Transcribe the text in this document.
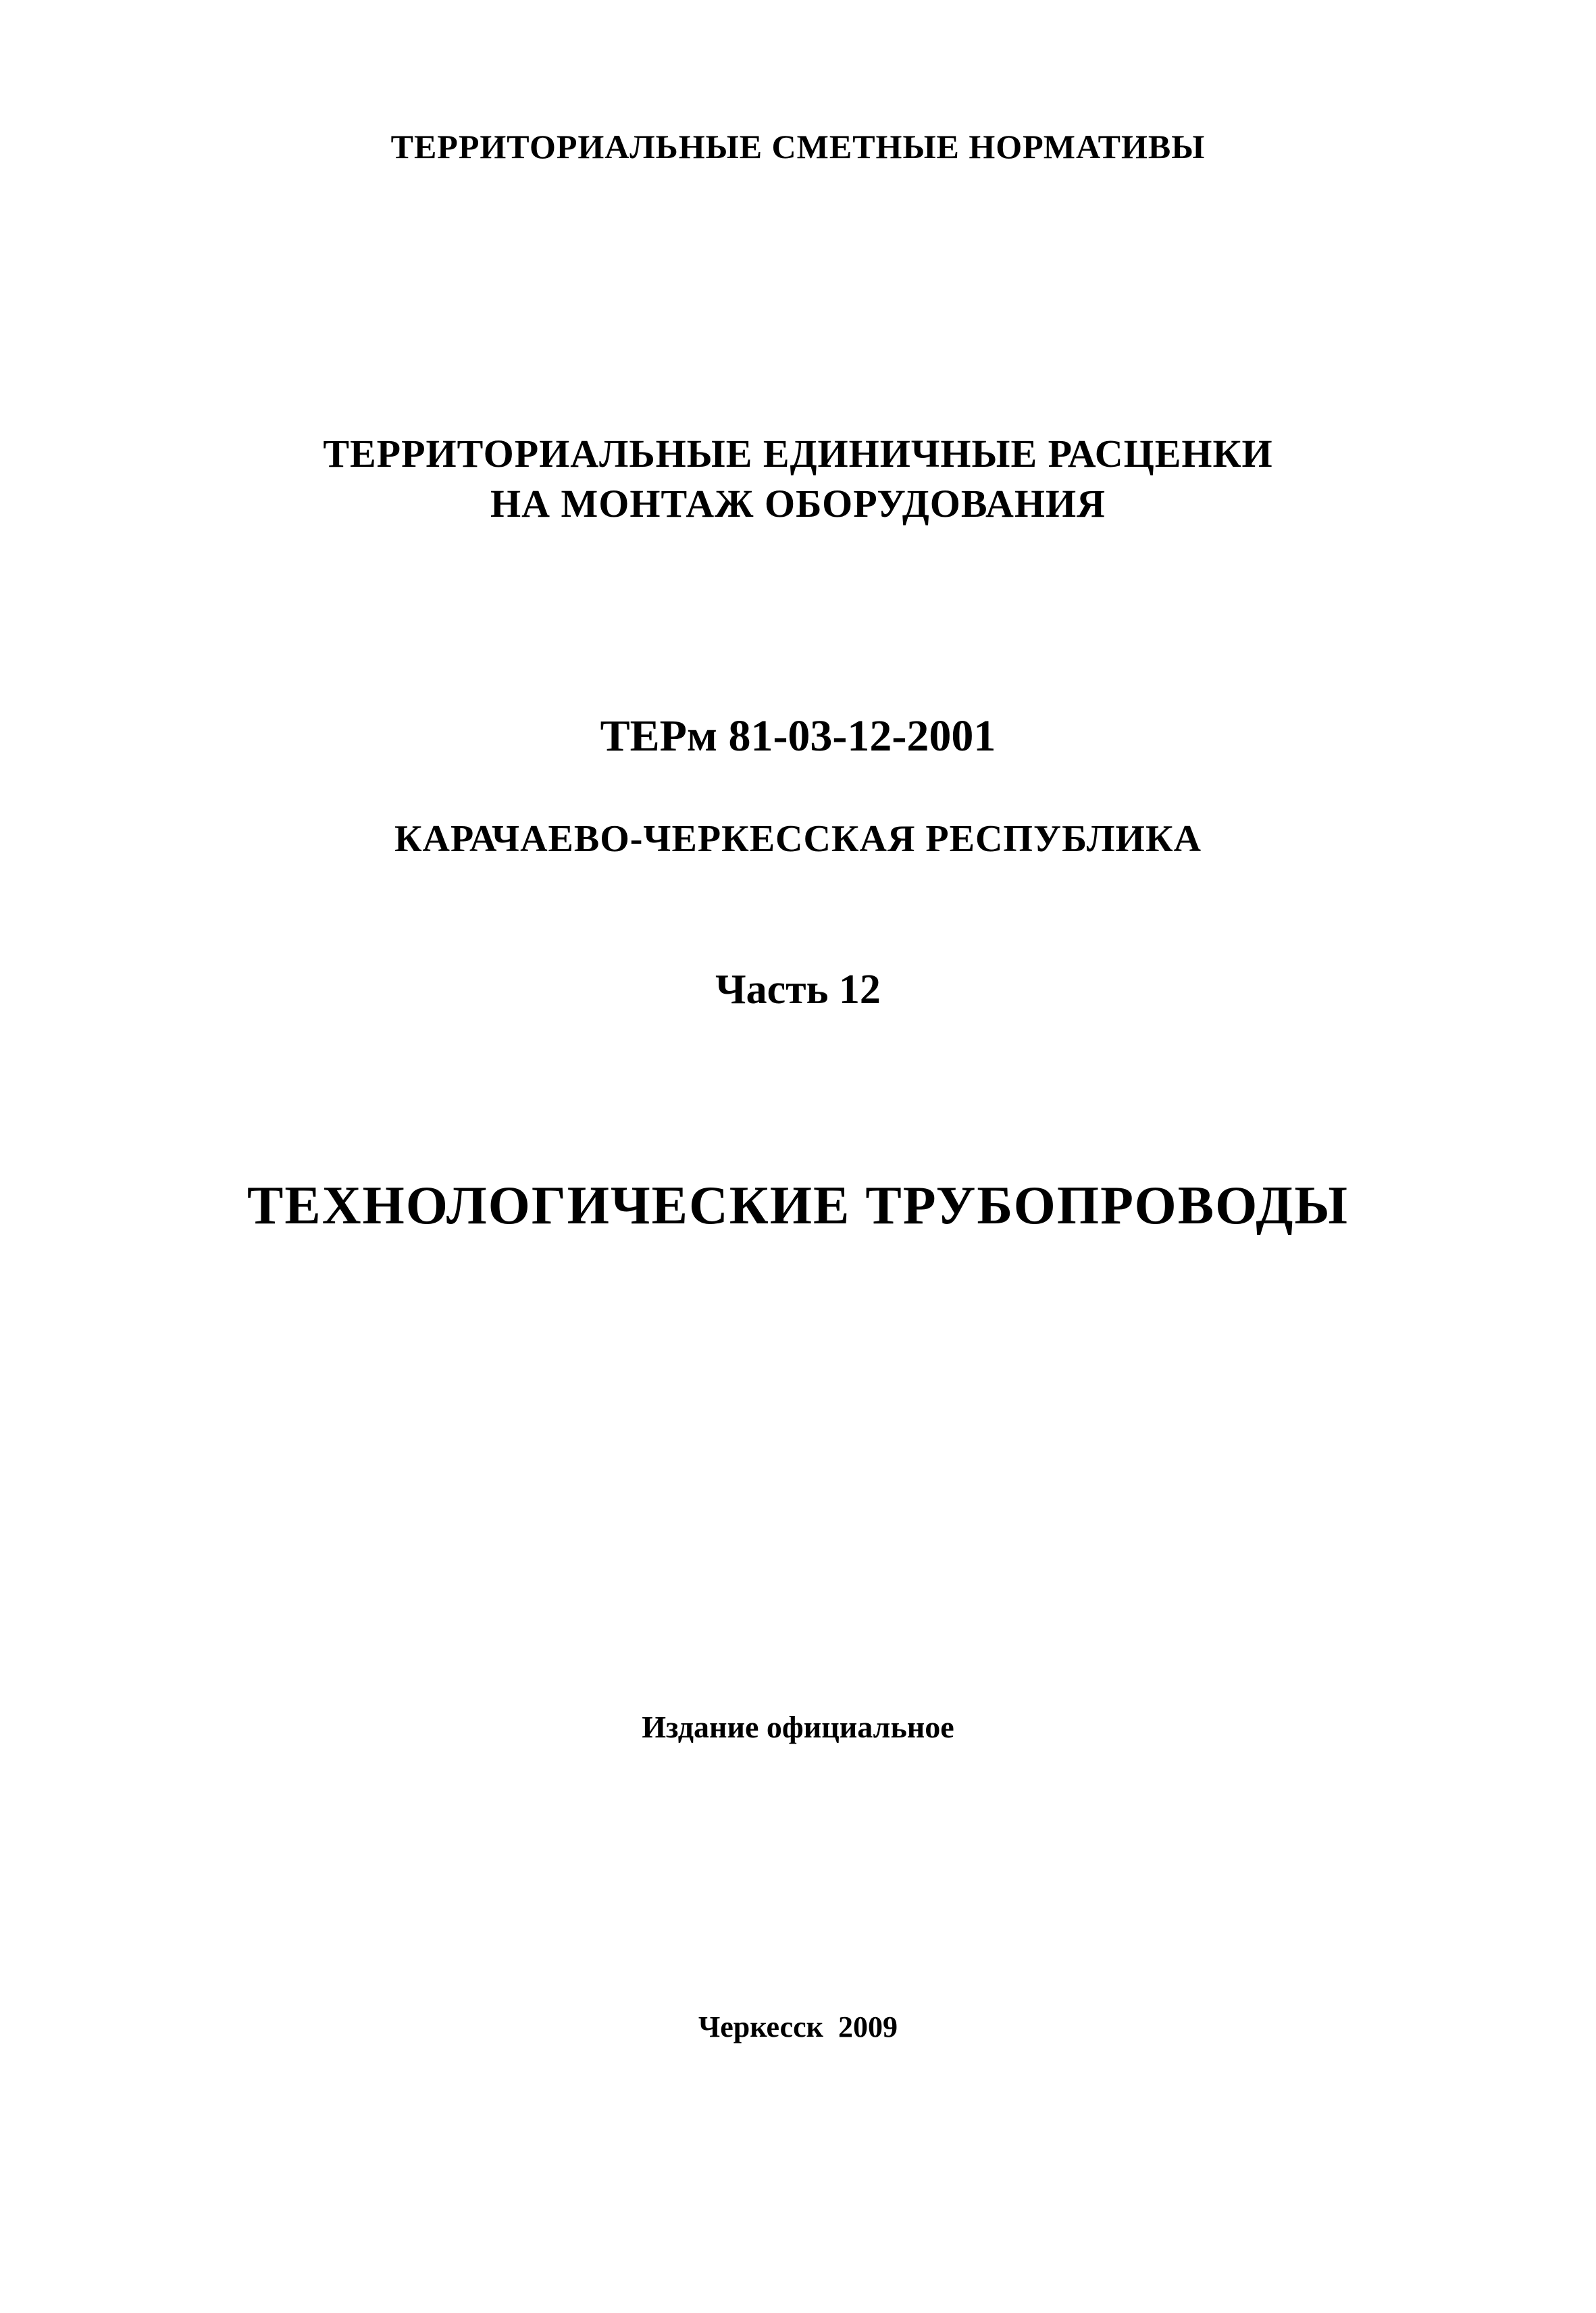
ТЕРРИТОРИАЛЬНЫЕ СМЕТНЫЕ НОРМАТИВЫ

ТЕРРИТОРИАЛЬНЫЕ ЕДИНИЧНЫЕ РАСЦЕНКИ

НА МОНТАЖ ОБОРУДОВАНИЯ

ТЕРм 81-03-12-2001

КАРАЧАЕВО-ЧЕРКЕССКАЯ РЕСПУБЛИКА

Часть 12

ТЕХНОЛОГИЧЕСКИЕ ТРУБОПРОВОДЫ

Издание официальное

Черкесск  2009
